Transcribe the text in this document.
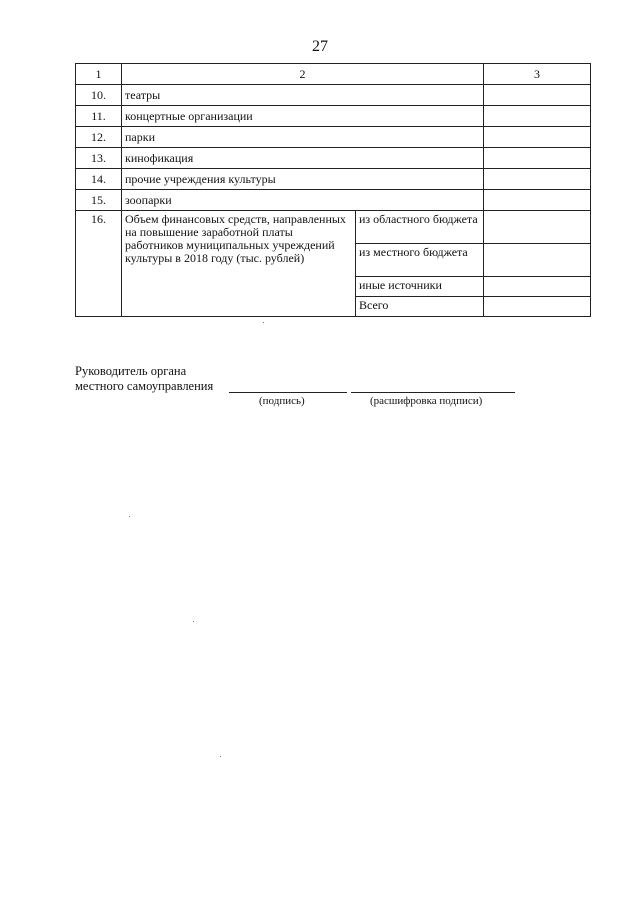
27
1	2		3
10.	театры		
11.	концертные организации		
12.	парки		
13.	кинофикация		
14.	прочие учреждения культуры		
15.	зоопарки		
16.	Объем финансовых средств, направленных на повышение заработной платы работников муниципальных учреждений культуры в 2018 году (тыс. рублей)	из областного бюджета	
		из местного бюджета	
		иные источники	
		Всего	
Руководитель органа
местного самоуправления
(подпись)	(расшифровка подписи)
